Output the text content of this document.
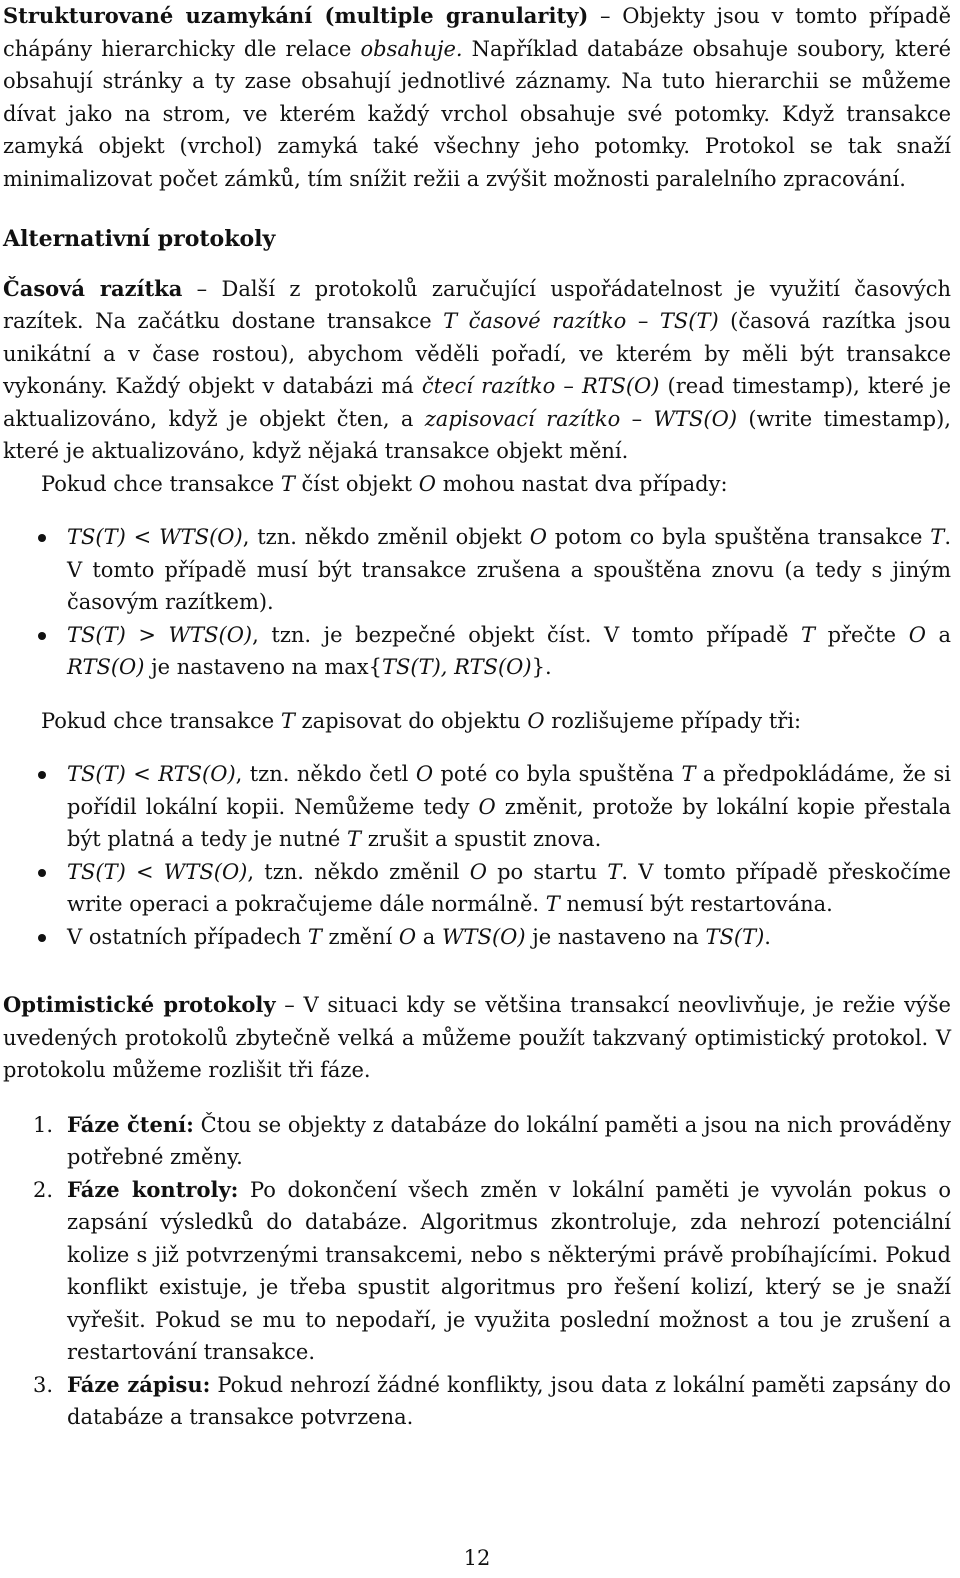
Strukturované uzamykání (multiple granularity) – Objekty jsou v tomto případě chápány hierarchicky dle relace obsahuje. Například databáze obsahuje soubory, které obsahují stránky a ty zase obsahují jednotlivé záznamy. Na tuto hierarchii se můžeme dívat jako na strom, ve kterém každý vrchol obsahuje své potomky. Když transakce zamyká objekt (vrchol) zamyká také všechny jeho potomky. Protokol se tak snaží minimalizovat počet zámků, tím snížit režii a zvýšit možnosti paralelního zpracování.

Alternativní protokoly

Časová razítka – Další z protokolů zaručující uspořádatelnost je využití časových razítek. Na začátku dostane transakce T časové razítko – TS(T) (časová razítka jsou unikátní a v čase rostou), abychom věděli pořadí, ve kterém by měli být transakce vykonány. Každý objekt v databázi má čtecí razítko – RTS(O) (read timestamp), které je aktualizováno, když je objekt čten, a zapisovací razítko – WTS(O) (write timestamp), které je aktualizováno, když nějaká transakce objekt mění.

Pokud chce transakce T číst objekt O mohou nastat dva případy:

TS(T) < WTS(O), tzn. někdo změnil objekt O potom co byla spuštěna transakce T. V tomto případě musí být transakce zrušena a spouštěna znovu (a tedy s jiným časovým razítkem).
TS(T) > WTS(O), tzn. je bezpečné objekt číst. V tomto případě T přečte O a RTS(O) je nastaveno na max{TS(T), RTS(O)}.

Pokud chce transakce T zapisovat do objektu O rozlišujeme případy tři:

TS(T) < RTS(O), tzn. někdo četl O poté co byla spuštěna T a předpokládáme, že si pořídil lokální kopii. Nemůžeme tedy O změnit, protože by lokální kopie přestala být platná a tedy je nutné T zrušit a spustit znova.
TS(T) < WTS(O), tzn. někdo změnil O po startu T. V tomto případě přeskočíme write operaci a pokračujeme dále normálně. T nemusí být restartována.
V ostatních případech T změní O a WTS(O) je nastaveno na TS(T).

Optimistické protokoly – V situaci kdy se většina transakcí neovlivňuje, je režie výše uvedených protokolů zbytečně velká a můžeme použít takzvaný optimistický protokol. V protokolu můžeme rozlišit tři fáze.

1. Fáze čtení: Čtou se objekty z databáze do lokální paměti a jsou na nich prováděny potřebné změny.
2. Fáze kontroly: Po dokončení všech změn v lokální paměti je vyvolán pokus o zapsání výsledků do databáze. Algoritmus zkontroluje, zda nehrozí potenciální kolize s již potvrzenými transakcemi, nebo s některými právě probíhajícími. Pokud konflikt existuje, je třeba spustit algoritmus pro řešení kolizí, který se je snaží vyřešit. Pokud se mu to nepodaří, je využita poslední možnost a tou je zrušení a restartování transakce.
3. Fáze zápisu: Pokud nehrozí žádné konflikty, jsou data z lokální paměti zapsány do databáze a transakce potvrzena.
12
